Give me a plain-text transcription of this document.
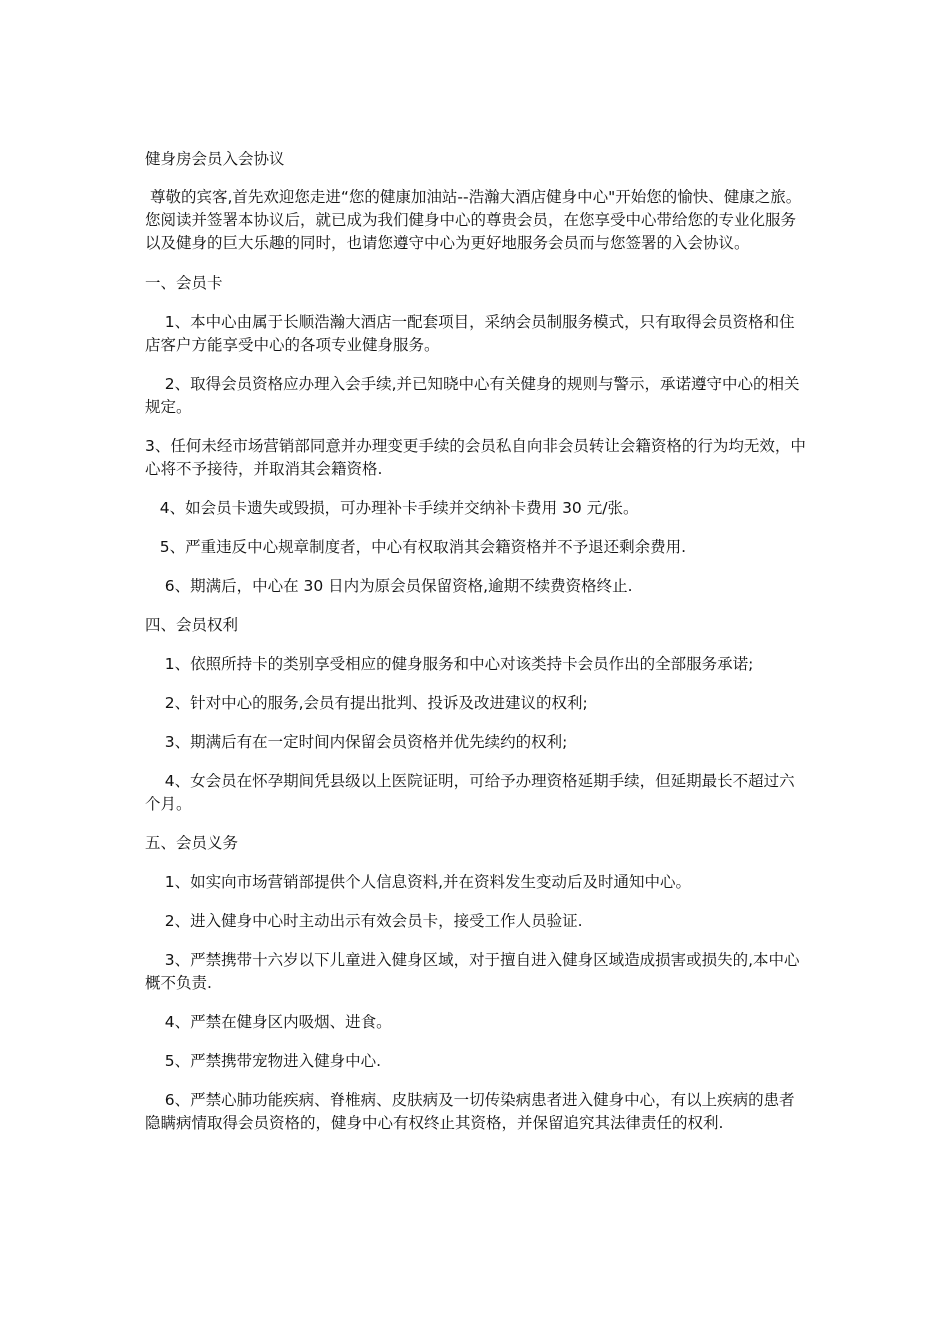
健身房会员入会协议
尊敬的宾客,首先欢迎您走进“您的健康加油站--浩瀚大酒店健身中心"开始您的愉快、健康之旅。您阅读并签署本协议后，就已成为我们健身中心的尊贵会员，在您享受中心带给您的专业化服务以及健身的巨大乐趣的同时，也请您遵守中心为更好地服务会员而与您签署的入会协议。
一、会员卡
1、本中心由属于长顺浩瀚大酒店一配套项目，采纳会员制服务模式，只有取得会员资格和住店客户方能享受中心的各项专业健身服务。
2、取得会员资格应办理入会手续,并已知晓中心有关健身的规则与警示，承诺遵守中心的相关规定。
3、任何未经市场营销部同意并办理变更手续的会员私自向非会员转让会籍资格的行为均无效，中心将不予接待，并取消其会籍资格.
4、如会员卡遗失或毁损，可办理补卡手续并交纳补卡费用 30 元/张。
5、严重违反中心规章制度者，中心有权取消其会籍资格并不予退还剩余费用.
6、期满后，中心在 30 日内为原会员保留资格,逾期不续费资格终止.
四、会员权利
1、依照所持卡的类别享受相应的健身服务和中心对该类持卡会员作出的全部服务承诺;
2、针对中心的服务,会员有提出批判、投诉及改进建议的权利;
3、期满后有在一定时间内保留会员资格并优先续约的权利;
4、女会员在怀孕期间凭县级以上医院证明，可给予办理资格延期手续，但延期最长不超过六个月。
五、会员义务
1、如实向市场营销部提供个人信息资料,并在资料发生变动后及时通知中心。
2、进入健身中心时主动出示有效会员卡，接受工作人员验证.
3、严禁携带十六岁以下儿童进入健身区域，对于擅自进入健身区域造成损害或损失的,本中心概不负责.
4、严禁在健身区内吸烟、进食。
5、严禁携带宠物进入健身中心.
6、严禁心肺功能疾病、脊椎病、皮肤病及一切传染病患者进入健身中心，有以上疾病的患者隐瞒病情取得会员资格的，健身中心有权终止其资格，并保留追究其法律责任的权利.
